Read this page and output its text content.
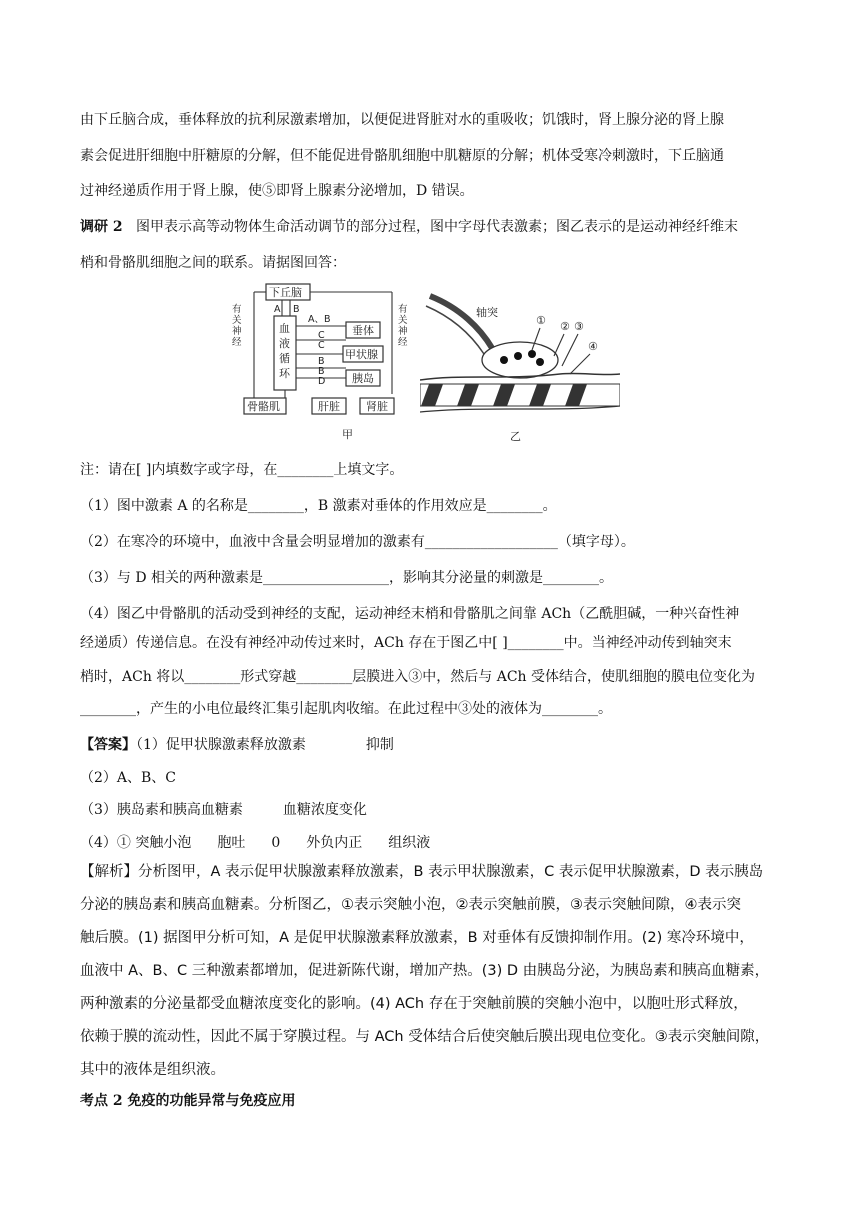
由下丘脑合成，垂体释放的抗利尿激素增加，以便促进肾脏对水的重吸收；饥饿时，肾上腺分泌的肾上腺
素会促进肝细胞中肝糖原的分解，但不能促进骨骼肌细胞中肌糖原的分解；机体受寒冷刺激时，下丘脑通
过神经递质作用于肾上腺，使⑤即肾上腺素分泌增加，D 错误。
调研 2 图甲表示高等动物体生命活动调节的部分过程，图中字母代表激素；图乙表示的是运动神经纤维末
梢和骨骼肌细胞之间的联系。请据图回答：
有
关
神
经
有
关
神
经
下丘脑
血
液
循
环
A B
垂体
甲状腺
胰岛
A、B
C
C
B
B
D
骨骼肌	肝脏 肾脏
甲
轴突
① ② ③
④
乙
注：请在[ ]内填数字或字母，在________上填文字。
（1）图中激素 A 的名称是________，B 激素对垂体的作用效应是________。
（2）在寒冷的环境中，血液中含量会明显增加的激素有___________________（填字母）。
（3）与 D 相关的两种激素是__________________，影响其分泌量的刺激是________。
（4）图乙中骨骼肌的活动受到神经的支配，运动神经末梢和骨骼肌之间靠 ACh（乙酰胆碱，一种兴奋性神
经递质）传递信息。在没有神经冲动传过来时，ACh 存在于图乙中[ ]________中。当神经冲动传到轴突末
梢时，ACh 将以________形式穿越________层膜进入③中，然后与 ACh 受体结合，使肌细胞的膜电位变化为
________，产生的小电位最终汇集引起肌肉收缩。在此过程中③处的液体为________。
【答案】（1）促甲状腺激素释放激素	抑制
（2）A、B、C
（3）胰岛素和胰高血糖素	血糖浓度变化
（4）① 突触小泡 胞吐 0 外负内正 组织液
【解析】分析图甲，A 表示促甲状腺激素释放激素，B 表示甲状腺激素，C 表示促甲状腺激素，D 表示胰岛
分泌的胰岛素和胰高血糖素。分析图乙，①表示突触小泡，②表示突触前膜，③表示突触间隙，④表示突
触后膜。(1) 据图甲分析可知，A 是促甲状腺激素释放激素，B 对垂体有反馈抑制作用。(2) 寒冷环境中，
血液中 A、B、C 三种激素都增加，促进新陈代谢，增加产热。(3) D 由胰岛分泌，为胰岛素和胰高血糖素，
两种激素的分泌量都受血糖浓度变化的影响。(4) ACh 存在于突触前膜的突触小泡中，以胞吐形式释放，
依赖于膜的流动性，因此不属于穿膜过程。与 ACh 受体结合后使突触后膜出现电位变化。③表示突触间隙，
其中的液体是组织液。
考点 2 免疫的功能异常与免疫应用
